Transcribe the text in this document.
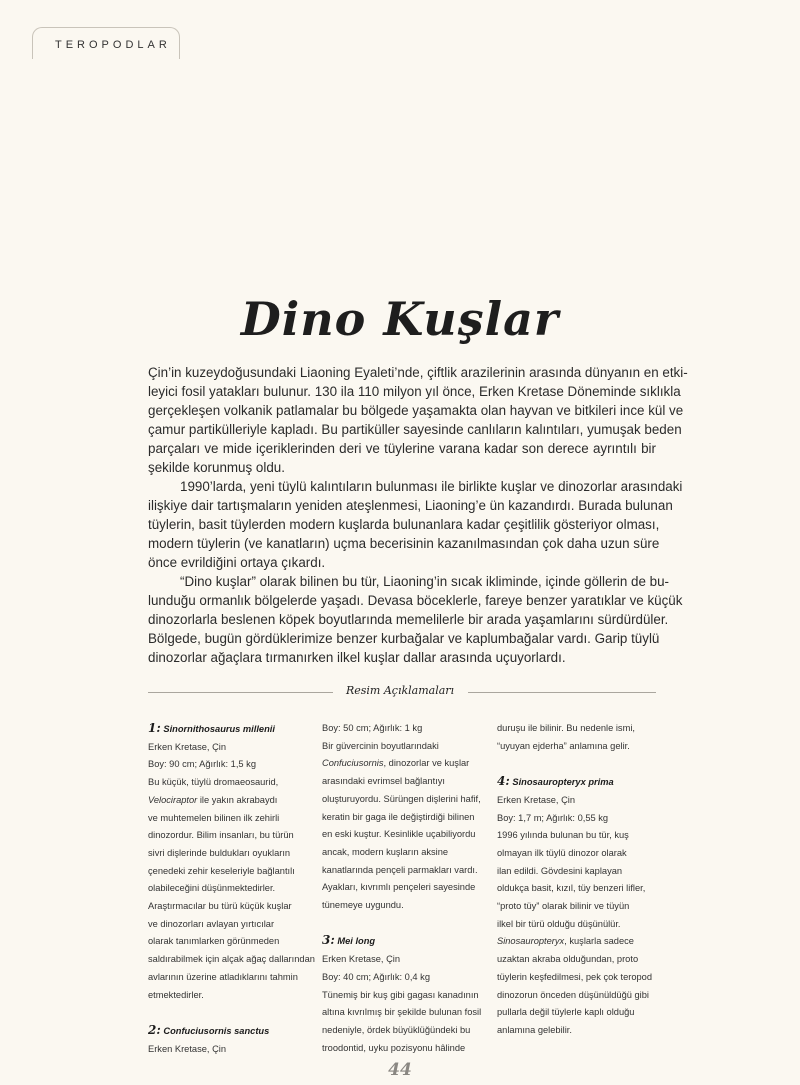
TEROPODLAR
Dino Kuşlar
Çin’in kuzeydoğusundaki Liaoning Eyaleti’nde, çiftlik arazilerinin arasında dünyanın en etki-
leyici fosil yatakları bulunur. 130 ila 110 milyon yıl önce, Erken Kretase Döneminde sıklıkla
gerçekleşen volkanik patlamalar bu bölgede yaşamakta olan hayvan ve bitkileri ince kül ve
çamur partikülleriyle kapladı. Bu partiküller sayesinde canlıların kalıntıları, yumuşak beden
parçaları ve mide içeriklerinden deri ve tüylerine varana kadar son derece ayrıntılı bir
şekilde korunmuş oldu.
1990’larda, yeni tüylü kalıntıların bulunması ile birlikte kuşlar ve dinozorlar arasındaki
ilişkiye dair tartışmaların yeniden ateşlenmesi, Liaoning’e ün kazandırdı. Burada bulunan
tüylerin, basit tüylerden modern kuşlarda bulunanlara kadar çeşitlilik gösteriyor olması,
modern tüylerin (ve kanatların) uçma becerisinin kazanılmasından çok daha uzun süre
önce evrildiğini ortaya çıkardı.
“Dino kuşlar” olarak bilinen bu tür, Liaoning’in sıcak ikliminde, içinde göllerin de bu-
lunduğu ormanlık bölgelerde yaşadı. Devasa böceklerle, fareye benzer yaratıklar ve küçük
dinozorlarla beslenen köpek boyutlarında memelilerle bir arada yaşamlarını sürdürdüler.
Bölgede, bugün gördüklerimize benzer kurbağalar ve kaplumbağalar vardı. Garip tüylü
dinozorlar ağaçlara tırmanırken ilkel kuşlar dallar arasında uçuyorlardı.
Resim Açıklamaları
1: Sinornithosaurus millenii
Erken Kretase, Çin
Boy: 90 cm; Ağırlık: 1,5 kg
Bu küçük, tüylü dromaeosaurid,
Velociraptor ile yakın akrabaydı
ve muhtemelen bilinen ilk zehirli
dinozordur. Bilim insanları, bu türün
sivri dişlerinde buldukları oyukların
çenedeki zehir keseleriyle bağlantılı
olabileceğini düşünmektedirler.
Araştırmacılar bu türü küçük kuşlar
ve dinozorları avlayan yırtıcılar
olarak tanımlarken görünmeden
saldırabilmek için alçak ağaç dallarından
avlarının üzerine atladıklarını tahmin
etmektedirler.
2: Confuciusornis sanctus
Erken Kretase, Çin
Boy: 50 cm; Ağırlık: 1 kg
Bir güvercinin boyutlarındaki
Confuciusornis, dinozorlar ve kuşlar
arasındaki evrimsel bağlantıyı
oluşturuyordu. Sürüngen dişlerini hafif,
keratin bir gaga ile değiştirdiği bilinen
en eski kuştur. Kesinlikle uçabiliyordu
ancak, modern kuşların aksine
kanatlarında pençeli parmakları vardı.
Ayakları, kıvrımlı pençeleri sayesinde
tünemeye uygundu.
3: Mei long
Erken Kretase, Çin
Boy: 40 cm; Ağırlık: 0,4 kg
Tünemiş bir kuş gibi gagası kanadının
altına kıvrılmış bir şekilde bulunan fosil
nedeniyle, ördek büyüklüğündeki bu
troodontid, uyku pozisyonu hâlinde
duruşu ile bilinir. Bu nedenle ismi,
“uyuyan ejderha” anlamına gelir.
4: Sinosauropteryx prima
Erken Kretase, Çin
Boy: 1,7 m; Ağırlık: 0,55 kg
1996 yılında bulunan bu tür, kuş
olmayan ilk tüylü dinozor olarak
ilan edildi. Gövdesini kaplayan
oldukça basit, kızıl, tüy benzeri lifler,
“proto tüy” olarak bilinir ve tüyün
ilkel bir türü olduğu düşünülür.
Sinosauropteryx, kuşlarla sadece
uzaktan akraba olduğundan, proto
tüylerin keşfedilmesi, pek çok teropod
dinozorun önceden düşünüldüğü gibi
pullarla değil tüylerle kaplı olduğu
anlamına gelebilir.
44
